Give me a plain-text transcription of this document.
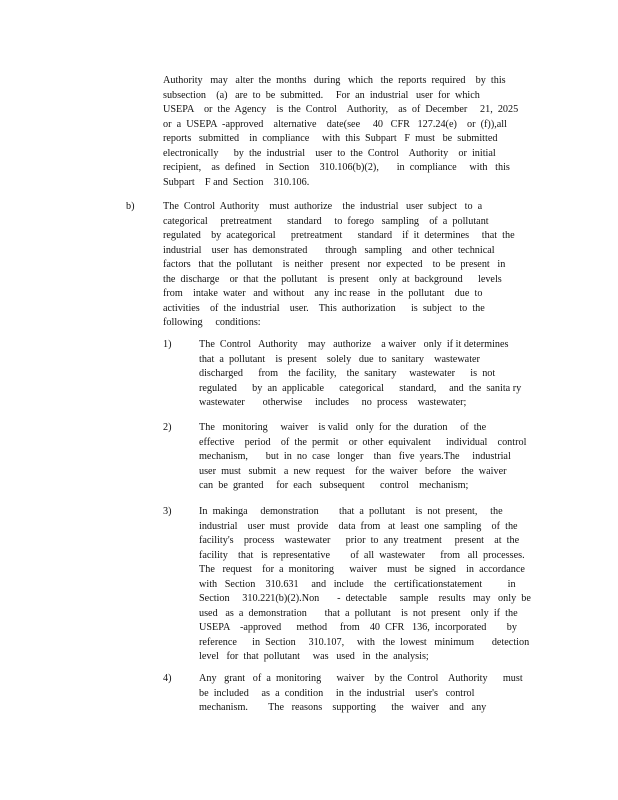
Authority   may   alter  the  months   during   which   the  reports  required    by  this
subsection    (a)   are  to  be  submitted.     For  an  industrial   user  for  which
USEPA    or  the  Agency    is  the  Control    Authority,    as  of  December     21,  2025
or  a  USEPA  -approved    alternative    date(see     40   CFR   127.24(e)    or  (f)),all
reports   submitted    in  compliance     with  this  Subpart   F  must   be  submitted
electronically      by  the  industrial    user  to  the  Control    Authority    or  initial
recipient,    as  defined    in  Section    310.106(b)(2),       in  compliance     with   this
Subpart    F and  Section    310.106.
b)	The  Control  Authority    must  authorize    the  industrial   user  subject   to  a
categorical     pretreatment      standard     to  forego   sampling    of  a  pollutant
regulated    by  acategorical      pretreatment      standard    if  it  determines     that  the
industrial    user  has  demonstrated       through   sampling    and  other  technical
factors   that  the  pollutant    is  neither   present   nor  expected    to  be  present   in
the  discharge    or  that  the  pollutant    is  present    only  at  background      levels
from    intake  water   and  without    any  inc rease   in  the  pollutant    due  to
activities    of  the  industrial    user.    This  authorization      is  subject   to  the
following     conditions:
1)	The  Control   Authority    may   authorize    a waiver   only  if it determines
that  a  pollutant    is  present    solely   due  to  sanitary    wastewater
discharged      from    the  facility,    the  sanitary     wastewater      is  not
regulated      by  an  applicable      categorical      standard,     and  the  sanita ry
wastewater       otherwise     includes     no  process    wastewater;
2)	The   monitoring     waiver    is valid   only  for  the  duration     of  the
effective    period    of  the  permit    or  other  equivalent      individual    control
mechanism,       but  in  no  case   longer    than   five  years.The     industrial
user  must   submit   a  new  request    for  the  waiver   before    the  waiver
can  be  granted     for  each   subsequent      control    mechanism;
3)	In  makinga     demonstration        that  a  pollutant    is  not  present,     the
industrial    user  must   provide    data  from   at  least  one  sampling    of  the
facility's    process    wastewater      prior  to  any  treatment     present    at  the
facility    that   is  representative        of  all  wastewater      from   all  processes.
The   request    for  a  monitoring      waiver    must   be  signed    in  accordance
with   Section    310.631     and   include    the   certificationstatement          in
Section     310.221(b)(2).Non       -  detectable     sample    results   may   only  be
used   as  a  demonstration       that  a  pollutant    is  not  present    only  if  the
USEPA    -approved      method     from    40  CFR   136,  incorporated        by
reference      in  Section     310.107,     with   the  lowest   minimum       detection
level   for  that  pollutant     was   used   in  the  analysis;
4)	Any   grant   of  a  monitoring      waiver    by  the  Control    Authority      must
be  included     as  a  condition     in  the  industrial    user's   control
mechanism.        The   reasons    supporting      the   waiver    and   any
